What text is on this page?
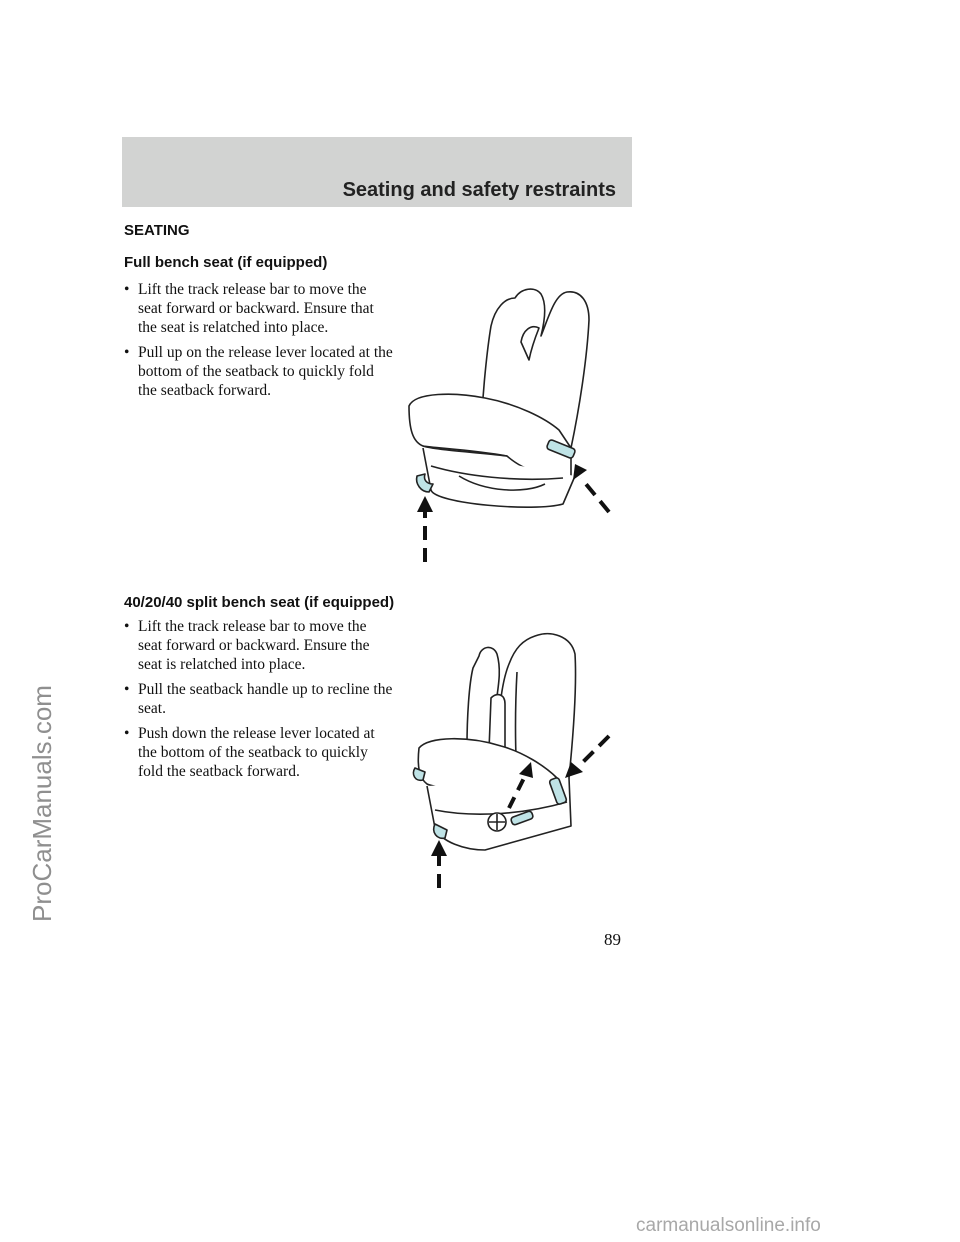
Seating and safety restraints
ProCarManuals.com
SEATING
Full bench seat (if equipped)
• Lift the track release bar to move the seat forward or backward. Ensure that the seat is relatched into place.
• Pull up on the release lever located at the bottom of the seatback to quickly fold the seatback forward.
40/20/40 split bench seat (if equipped)
• Lift the track release bar to move the seat forward or backward. Ensure the seat is relatched into place.
• Pull the seatback handle up to recline the seat.
• Push down the release lever located at the bottom of the seatback to quickly fold the seatback forward.
89
carmanualsonline.info
